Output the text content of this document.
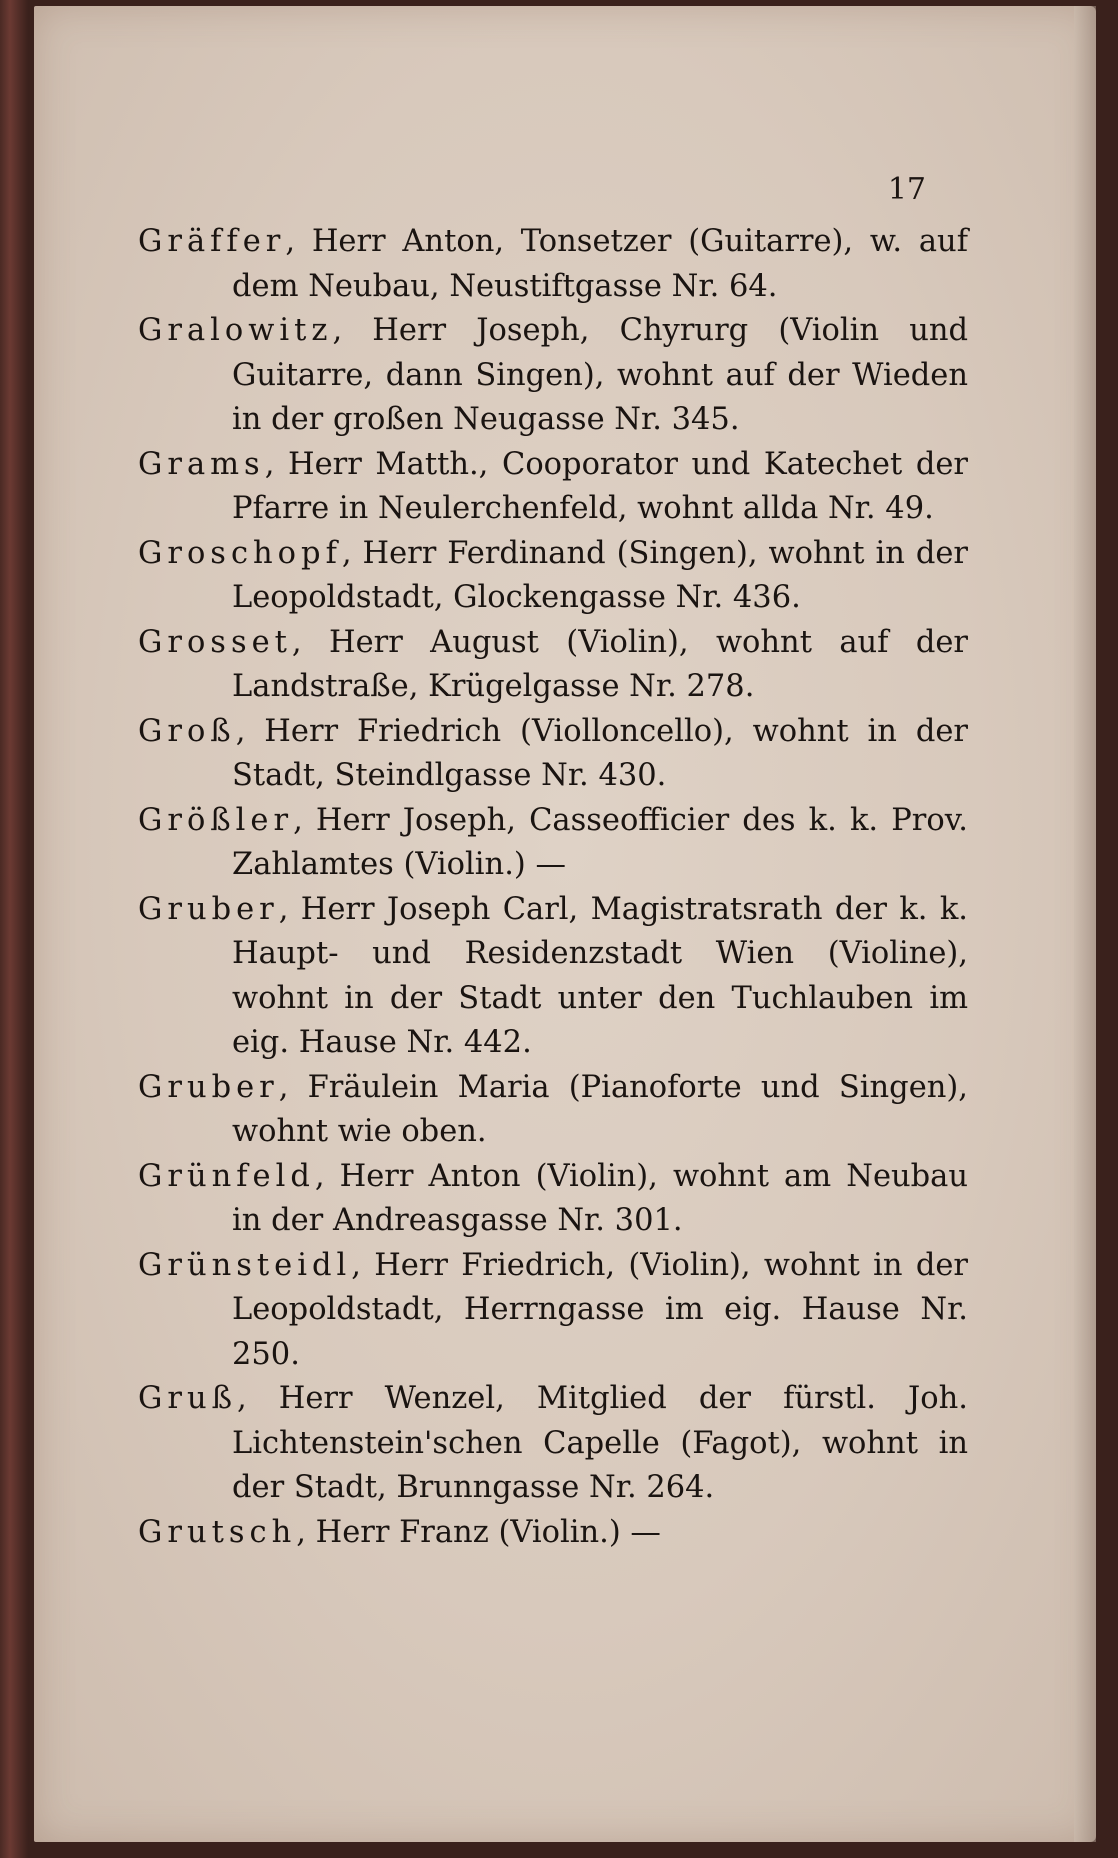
17

Gräffer, Herr Anton, Tonsetzer (Guitarre), w. auf dem Neubau, Neustiftgasse Nr. 64.

Gralowitz, Herr Joseph, Chyrurg (Violin und Guitarre, dann Singen), wohnt auf der Wieden in der großen Neugasse Nr. 345.

Grams, Herr Matth., Cooporator und Katechet der Pfarre in Neulerchenfeld, wohnt allda Nr. 49.

Groschopf, Herr Ferdinand (Singen), wohnt in der Leopoldstadt, Glockengasse Nr. 436.

Grosset, Herr August (Violin), wohnt auf der Landstraße, Krügelgasse Nr. 278.

Groß, Herr Friedrich (Violloncello), wohnt in der Stadt, Steindlgasse Nr. 430.

Größler, Herr Joseph, Casseofficier des k. k. Prov. Zahlamtes (Violin.) —

Gruber, Herr Joseph Carl, Magistratsrath der k. k. Haupt- und Residenzstadt Wien (Violine), wohnt in der Stadt unter den Tuchlauben im eig. Hause Nr. 442.

Gruber, Fräulein Maria (Pianoforte und Singen), wohnt wie oben.

Grünfeld, Herr Anton (Violin), wohnt am Neubau in der Andreasgasse Nr. 301.

Grünsteidl, Herr Friedrich, (Violin), wohnt in der Leopoldstadt, Herrngasse im eig. Hause Nr. 250.

Gruß, Herr Wenzel, Mitglied der fürstl. Joh. Lichtenstein'schen Capelle (Fagot), wohnt in der Stadt, Brunngasse Nr. 264.

Grutsch, Herr Franz (Violin.) —
